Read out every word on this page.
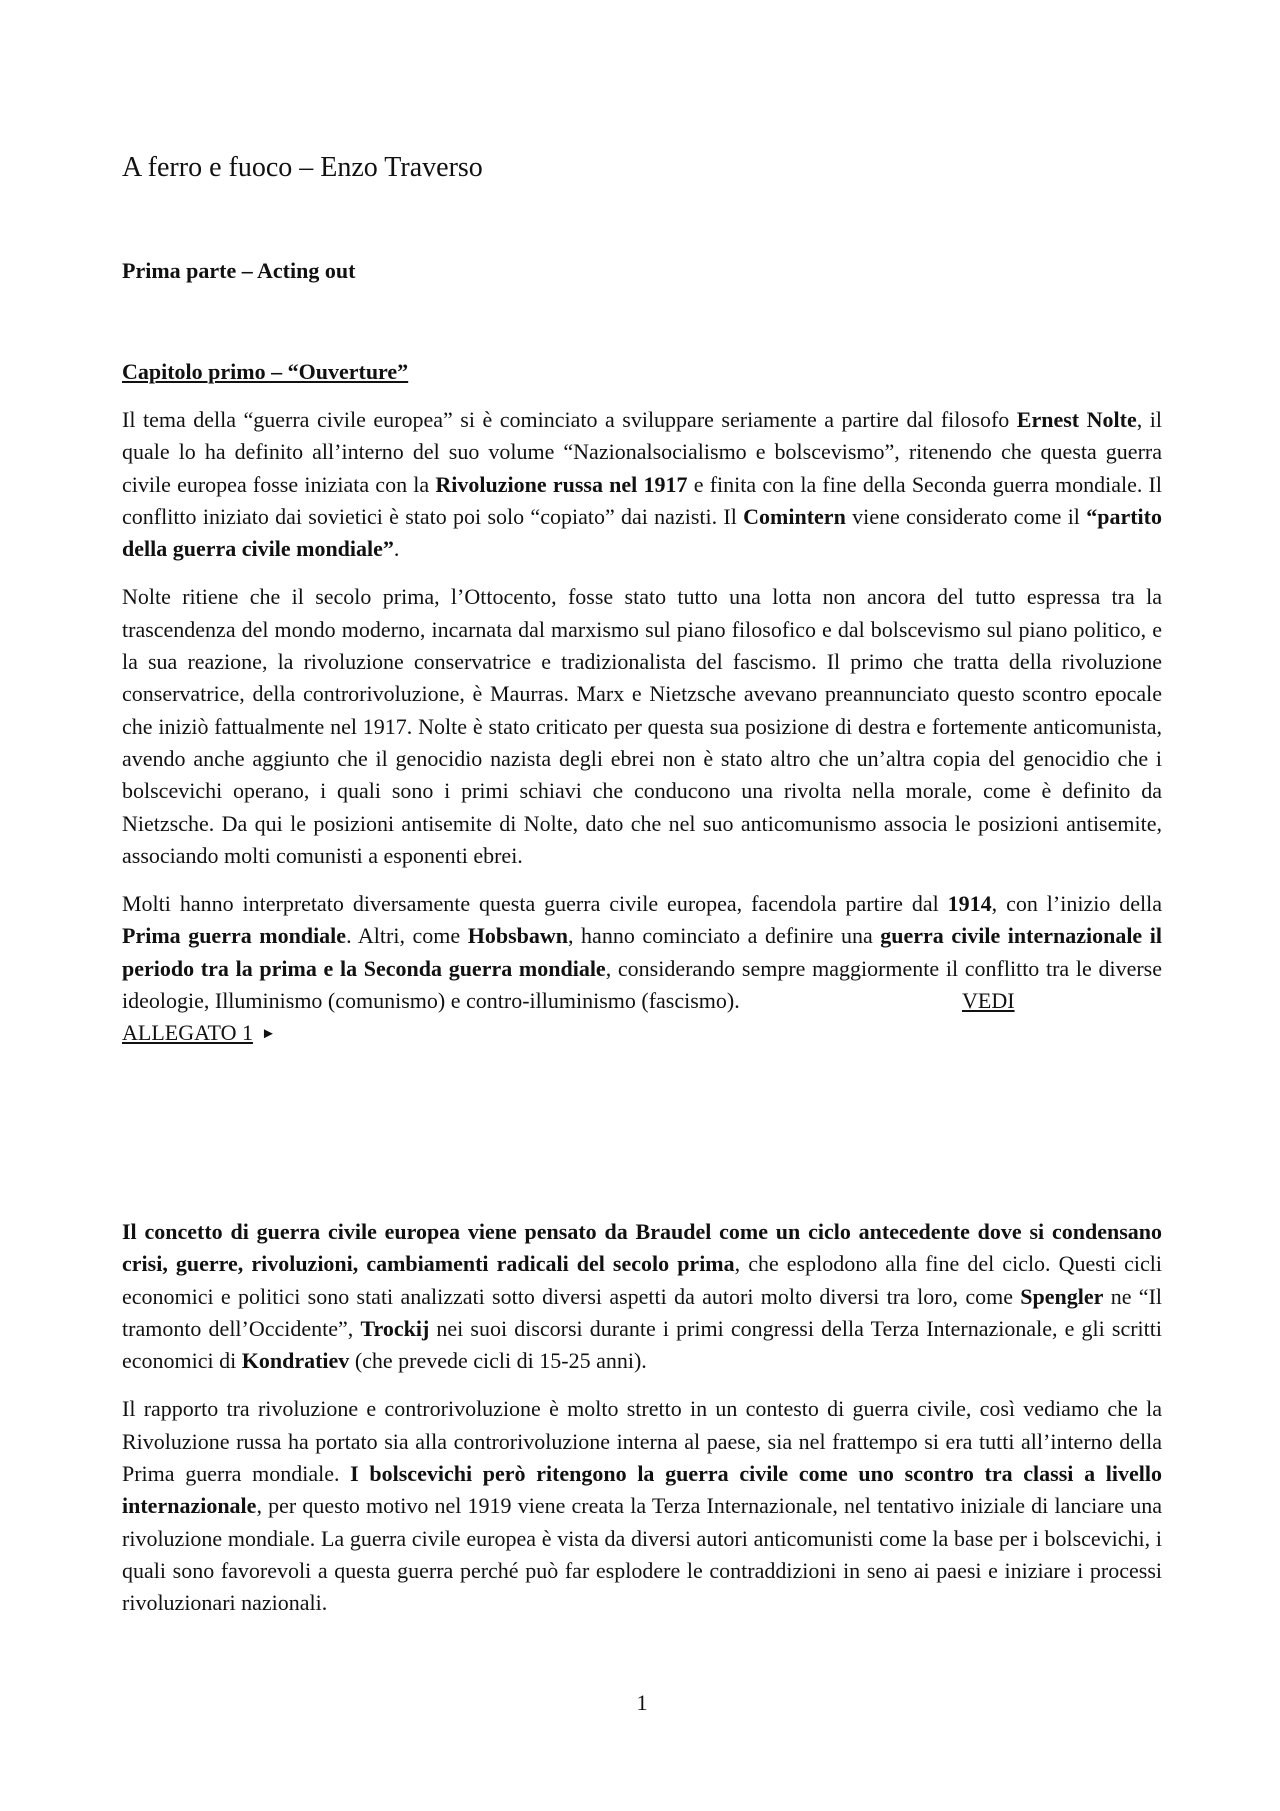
A ferro e fuoco – Enzo Traverso
Prima parte – Acting out
Capitolo primo – “Ouverture”

Il tema della “guerra civile europea” si è cominciato a sviluppare seriamente a partire dal filosofo Ernest Nolte, il quale lo ha definito all’interno del suo volume “Nazionalsocialismo e bolscevismo”, ritenendo che questa guerra civile europea fosse iniziata con la Rivoluzione russa nel 1917 e finita con la fine della Seconda guerra mondiale. Il conflitto iniziato dai sovietici è stato poi solo “copiato” dai nazisti. Il Comintern viene considerato come il “partito della guerra civile mondiale”.

Nolte ritiene che il secolo prima, l’Ottocento, fosse stato tutto una lotta non ancora del tutto espressa tra la trascendenza del mondo moderno, incarnata dal marxismo sul piano filosofico e dal bolscevismo sul piano politico, e la sua reazione, la rivoluzione conservatrice e tradizionalista del fascismo. Il primo che tratta della rivoluzione conservatrice, della controrivoluzione, è Maurras. Marx e Nietzsche avevano preannunciato questo scontro epocale che iniziò fattualmente nel 1917. Nolte è stato criticato per questa sua posizione di destra e fortemente anticomunista, avendo anche aggiunto che il genocidio nazista degli ebrei non è stato altro che un’altra copia del genocidio che i bolscevichi operano, i quali sono i primi schiavi che conducono una rivolta nella morale, come è definito da Nietzsche. Da qui le posizioni antisemite di Nolte, dato che nel suo anticomunismo associa le posizioni antisemite, associando molti comunisti a esponenti ebrei.

Molti hanno interpretato diversamente questa guerra civile europea, facendola partire dal 1914, con l’inizio della Prima guerra mondiale. Altri, come Hobsbawn, hanno cominciato a definire una guerra civile internazionale il periodo tra la prima e la Seconda guerra mondiale, considerando sempre maggiormente il conflitto tra le diverse ideologie, Illuminismo (comunismo) e contro-illuminismo (fascismo).	VEDI
ALLEGATO 1 ►

Il concetto di guerra civile europea viene pensato da Braudel come un ciclo antecedente dove si condensano crisi, guerre, rivoluzioni, cambiamenti radicali del secolo prima, che esplodono alla fine del ciclo. Questi cicli economici e politici sono stati analizzati sotto diversi aspetti da autori molto diversi tra loro, come Spengler ne “Il tramonto dell’Occidente”, Trockij nei suoi discorsi durante i primi congressi della Terza Internazionale, e gli scritti economici di Kondratiev (che prevede cicli di 15-25 anni).

Il rapporto tra rivoluzione e controrivoluzione è molto stretto in un contesto di guerra civile, così vediamo che la Rivoluzione russa ha portato sia alla controrivoluzione interna al paese, sia nel frattempo si era tutti all’interno della Prima guerra mondiale. I bolscevichi però ritengono la guerra civile come uno scontro tra classi a livello internazionale, per questo motivo nel 1919 viene creata la Terza Internazionale, nel tentativo iniziale di lanciare una rivoluzione mondiale. La guerra civile europea è vista da diversi autori anticomunisti come la base per i bolscevichi, i quali sono favorevoli a questa guerra perché può far esplodere le contraddizioni in seno ai paesi e iniziare i processi rivoluzionari nazionali.

1
